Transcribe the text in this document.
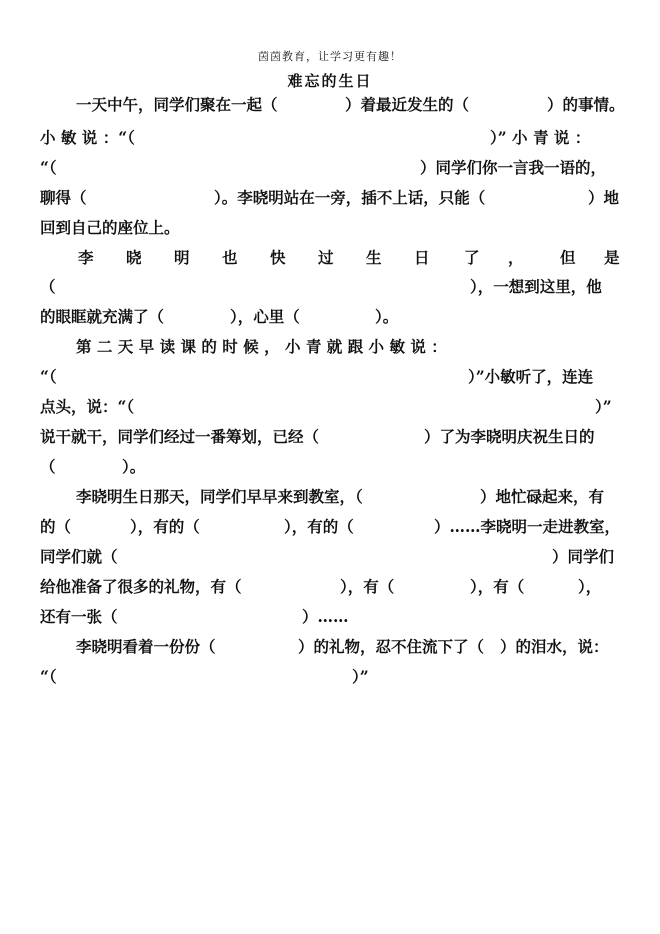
茵茵教育，让学习更有趣！
难忘的生日
一天中午，同学们聚在一起（	）着最近发生的（	）的事情。
小 敏 说 ：“（	）” 小 青 说 ：
“（	）同学们你一言我一语的，
聊得（	）。李晓明站在一旁，插不上话，只能（	）地
回到自己的座位上。
李 晓 明 也 快 过 生 日 了 ， 但 是
（	），一想到这里，他
的眼眶就充满了（	），心里（	）。
第 二 天 早 读 课 的 时 候 ， 小 青 就 跟 小 敏 说 ：
“（	）”小敏听了，连连
点头，说：“（	）”
说干就干，同学们经过一番筹划，已经（	）了为李晓明庆祝生日的
（	）。
李晓明生日那天，同学们早早来到教室，（	）地忙碌起来，有
的（	），有的（	），有的（	）……李晓明一走进教室，
同学们就（	）同学们
给他准备了很多的礼物，有（	），有（	），有（	），
还有一张（	）……
李晓明看着一份份（	）的礼物，忍不住流下了（ ）的泪水，说：
“（	）”
